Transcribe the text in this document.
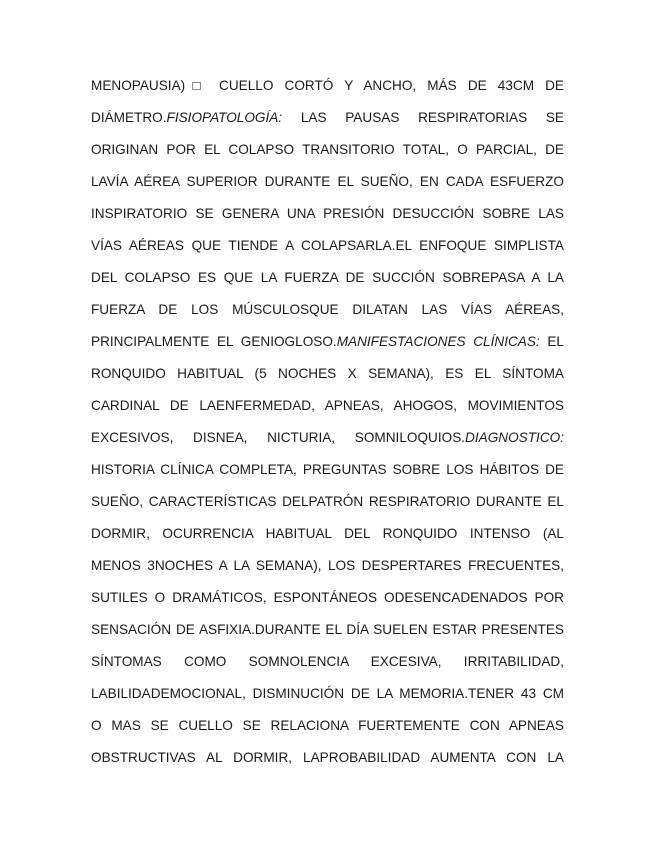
MENOPAUSIA)□ CUELLO CORTÓ Y ANCHO, MÁS DE 43CM DE
DIÁMETRO.FISIOPATOLOGÍA: LAS PAUSAS RESPIRATORIAS SE
ORIGINAN POR EL COLAPSO TRANSITORIO TOTAL, O PARCIAL, DE
LAVÍA AÉREA SUPERIOR DURANTE EL SUEÑO, EN CADA ESFUERZO
INSPIRATORIO SE GENERA UNA PRESIÓN DESUCCIÓN SOBRE LAS
VÍAS AÉREAS QUE TIENDE A COLAPSARLA.EL ENFOQUE SIMPLISTA
DEL COLAPSO ES QUE LA FUERZA DE SUCCIÓN SOBREPASA A LA
FUERZA DE LOS MÚSCULOSQUE DILATAN LAS VÍAS AÉREAS,
PRINCIPALMENTE EL GENIOGLOSO.MANIFESTACIONES CLÍNICAS: EL
RONQUIDO HABITUAL (5 NOCHES X SEMANA), ES EL SÍNTOMA
CARDINAL DE LAENFERMEDAD, APNEAS, AHOGOS, MOVIMIENTOS
EXCESIVOS, DISNEA, NICTURIA, SOMNILOQUIOS.DIAGNOSTICO:
HISTORIA CLÍNICA COMPLETA, PREGUNTAS SOBRE LOS HÁBITOS DE
SUEÑO, CARACTERÍSTICAS DELPATRÓN RESPIRATORIO DURANTE EL
DORMIR, OCURRENCIA HABITUAL DEL RONQUIDO INTENSO (AL
MENOS 3NOCHES A LA SEMANA), LOS DESPERTARES FRECUENTES,
SUTILES O DRAMÁTICOS, ESPONTÁNEOS ODESENCADENADOS POR
SENSACIÓN DE ASFIXIA.DURANTE EL DÍA SUELEN ESTAR PRESENTES
SÍNTOMAS COMO SOMNOLENCIA EXCESIVA, IRRITABILIDAD,
LABILIDADEMOCIONAL, DISMINUCIÓN DE LA MEMORIA.TENER 43 CM
O MAS SE CUELLO SE RELACIONA FUERTEMENTE CON APNEAS
OBSTRUCTIVAS AL DORMIR, LAPROBABILIDAD AUMENTA CON LA
